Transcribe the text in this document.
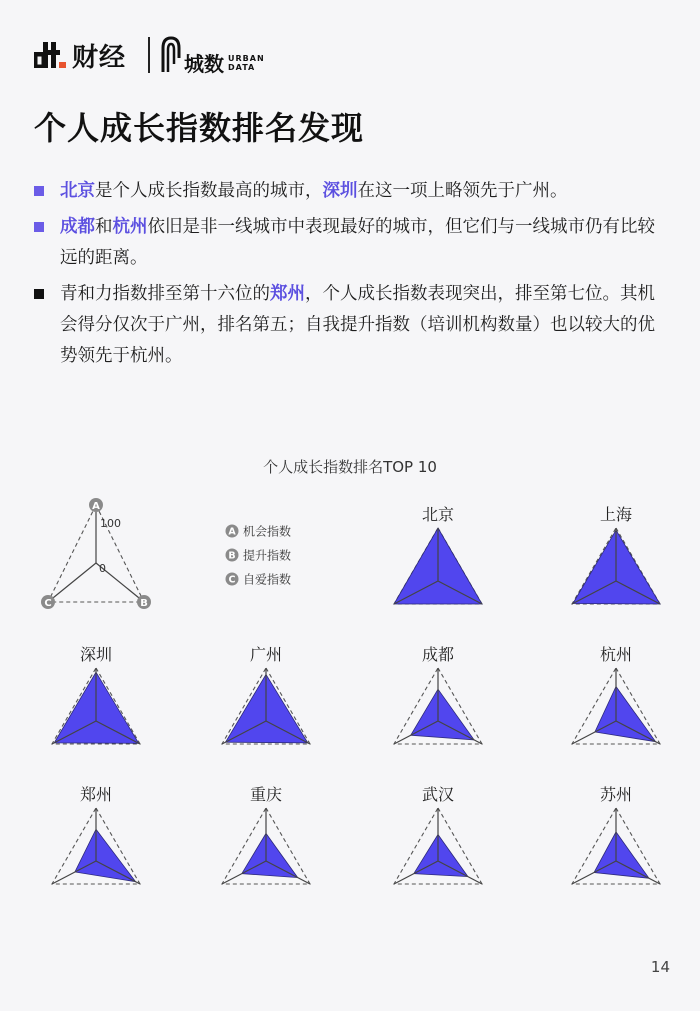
财经	城数 URBAN
DATA
个人成长指数排名发现
北京是个人成长指数最高的城市，深圳在这一项上略领先于广州。
成都和杭州依旧是非一线城市中表现最好的城市，但它们与一线城市仍有比较远的距离。
青和力指数排至第十六位的郑州，个人成长指数表现突出，排至第七位。其机会得分仅次于广州，排名第五；自我提升指数（培训机构数量）也以较大的优势领先于杭州。
个人成长指数排名TOP 10
北京	上海
深圳	广州	成都	杭州
郑州	重庆	武汉	苏州
100
0
A
B
C
A 机会指数
B 提升指数
C 自爱指数
14
